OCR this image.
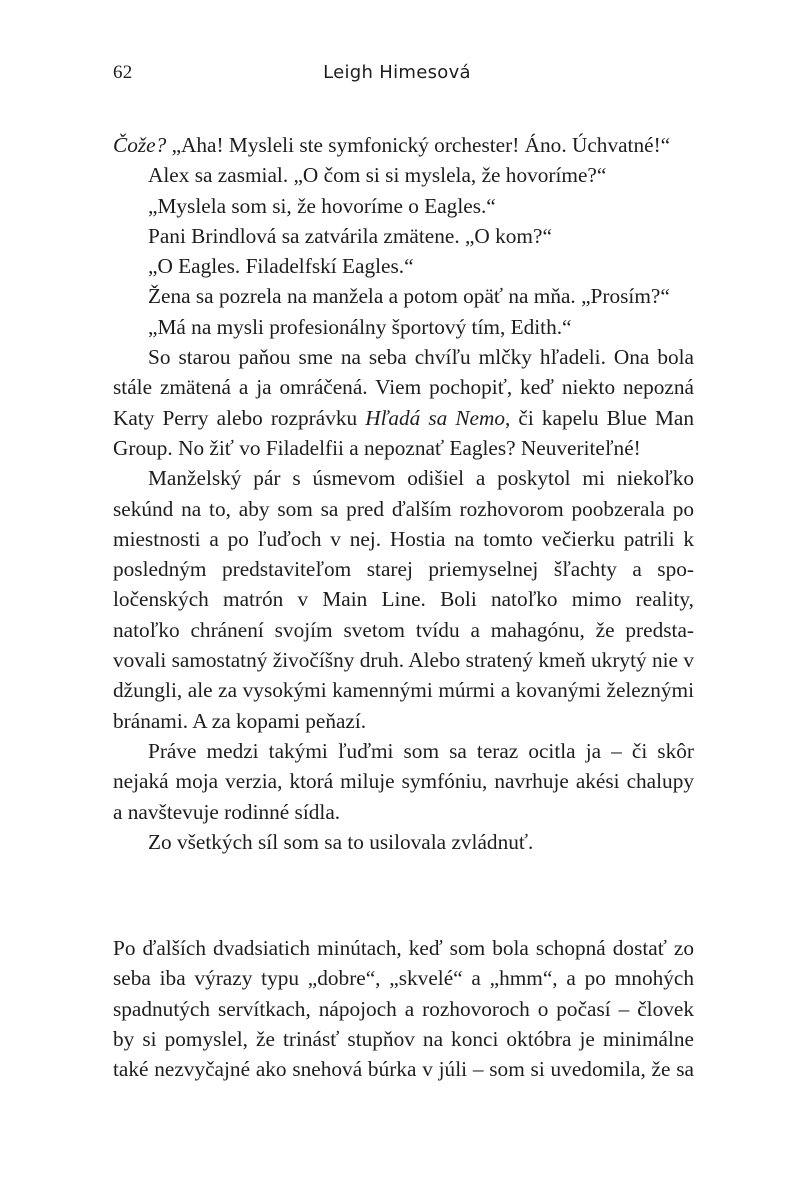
62	Leigh Himesová

Čože? „Aha! Mysleli ste symfonický orchester! Áno. Úchvatné!“

Alex sa zasmial. „O čom si si myslela, že hovoríme?“

„Myslela som si, že hovoríme o Eagles.“

Pani Brindlová sa zatvárila zmätene. „O kom?“

„O Eagles. Filadelfskí Eagles.“

Žena sa pozrela na manžela a potom opäť na mňa. „Prosím?“

„Má na mysli profesionálny športový tím, Edith.“

So starou paňou sme na seba chvíľu mlčky hľadeli. Ona bola stále zmätená a ja omráčená. Viem pochopiť, keď niekto nepozná Katy Perry alebo rozprávku Hľadá sa Nemo, či kapelu Blue Man Group. No žiť vo Filadelfii a nepoznať Eagles? Neuveriteľné!

Manželský pár s úsmevom odišiel a poskytol mi niekoľko sekúnd na to, aby som sa pred ďalším rozhovorom poobzerala po miestnosti a po ľuďoch v nej. Hostia na tomto večierku patrili k posledným predstaviteľom starej priemyselnej šľachty a spoločenských matrón v Main Line. Boli natoľko mimo reality, natoľko chránení svojím svetom tvídu a mahagónu, že predstavovali samostatný živočíšny druh. Alebo stratený kmeň ukrytý nie v džungli, ale za vysokými kamennými múrmi a kovanými železnými bránami. A za kopami peňazí.

Práve medzi takými ľuďmi som sa teraz ocitla ja – či skôr nejaká moja verzia, ktorá miluje symfóniu, navrhuje akési chalupy a navštevuje rodinné sídla.

Zo všetkých síl som sa to usilovala zvládnuť.

Po ďalších dvadsiatich minútach, keď som bola schopná dostať zo seba iba výrazy typu „dobre“, „skvelé“ a „hmm“, a po mnohých spadnutých servítkach, nápojoch a rozhovoroch o počasí – človek by si pomyslel, že trinásť stupňov na konci októbra je minimálne také nezvyčajné ako snehová búrka v júli – som si uvedomila, že sa
